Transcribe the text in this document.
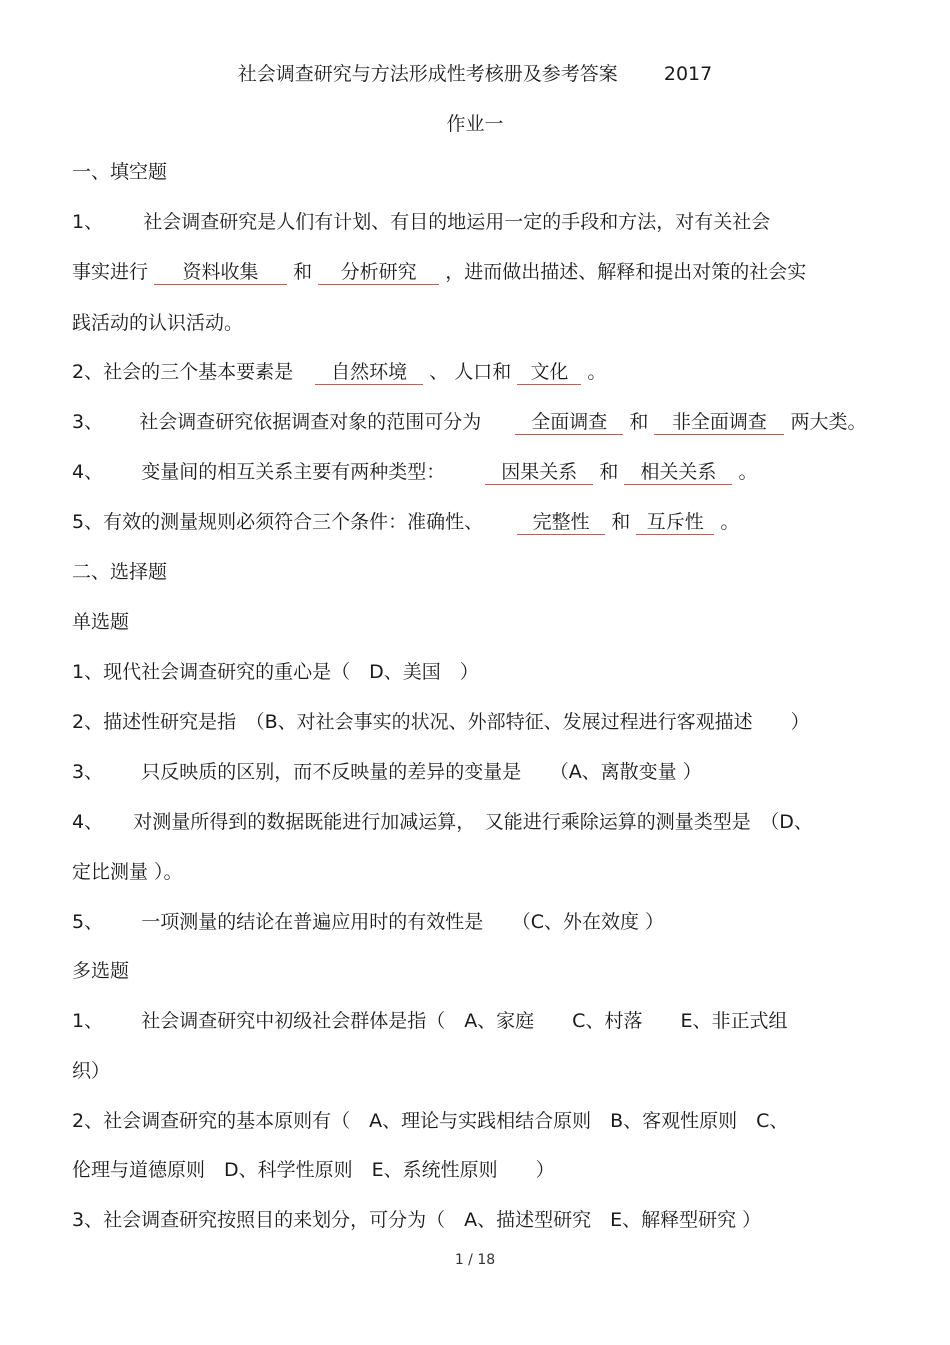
社会调查研究与方法形成性考核册及参考答案 2017
作业一
一、填空题
1、 社会调查研究是人们有计划、有目的地运用一定的手段和方法，对有关社会
事实进行 资料收集 和 分析研究 ，进而做出描述、解释和提出对策的社会实
践活动的认识活动。
2、社会的三个基本要素是 自然环境 、 人口和 文化 。
3、 社会调查研究依据调查对象的范围可分为	全面调查 和 非全面调查 两大类。
4、 变量间的相互关系主要有两种类型：	因果关系 和 相关关系 。
5、有效的测量规则必须符合三个条件：准确性、	完整性 和 互斥性 。
二、选择题
单选题
1、现代社会调查研究的重心是（　D、美国　）
2、描述性研究是指　（B、对社会事实的状况、外部特征、发展过程进行客观描述　　）
3、 只反映质的区别，而不反映量的差异的变量是　　（A、离散变量 ）
4、 对测量所得到的数据既能进行加减运算，　又能进行乘除运算的测量类型是　（D、
定比测量 ）。
5、 一项测量的结论在普遍应用时的有效性是　　（C、外在效度 ）
多选题
1、 社会调查研究中初级社会群体是指（　A、家庭　　C、村落　　E、非正式组
织）
2、社会调查研究的基本原则有（　A、理论与实践相结合原则　B、客观性原则　C、
伦理与道德原则　D、科学性原则　E、系统性原则　　）
3、社会调查研究按照目的来划分，可分为（　A、描述型研究　E、解释型研究 ）
1 / 18
